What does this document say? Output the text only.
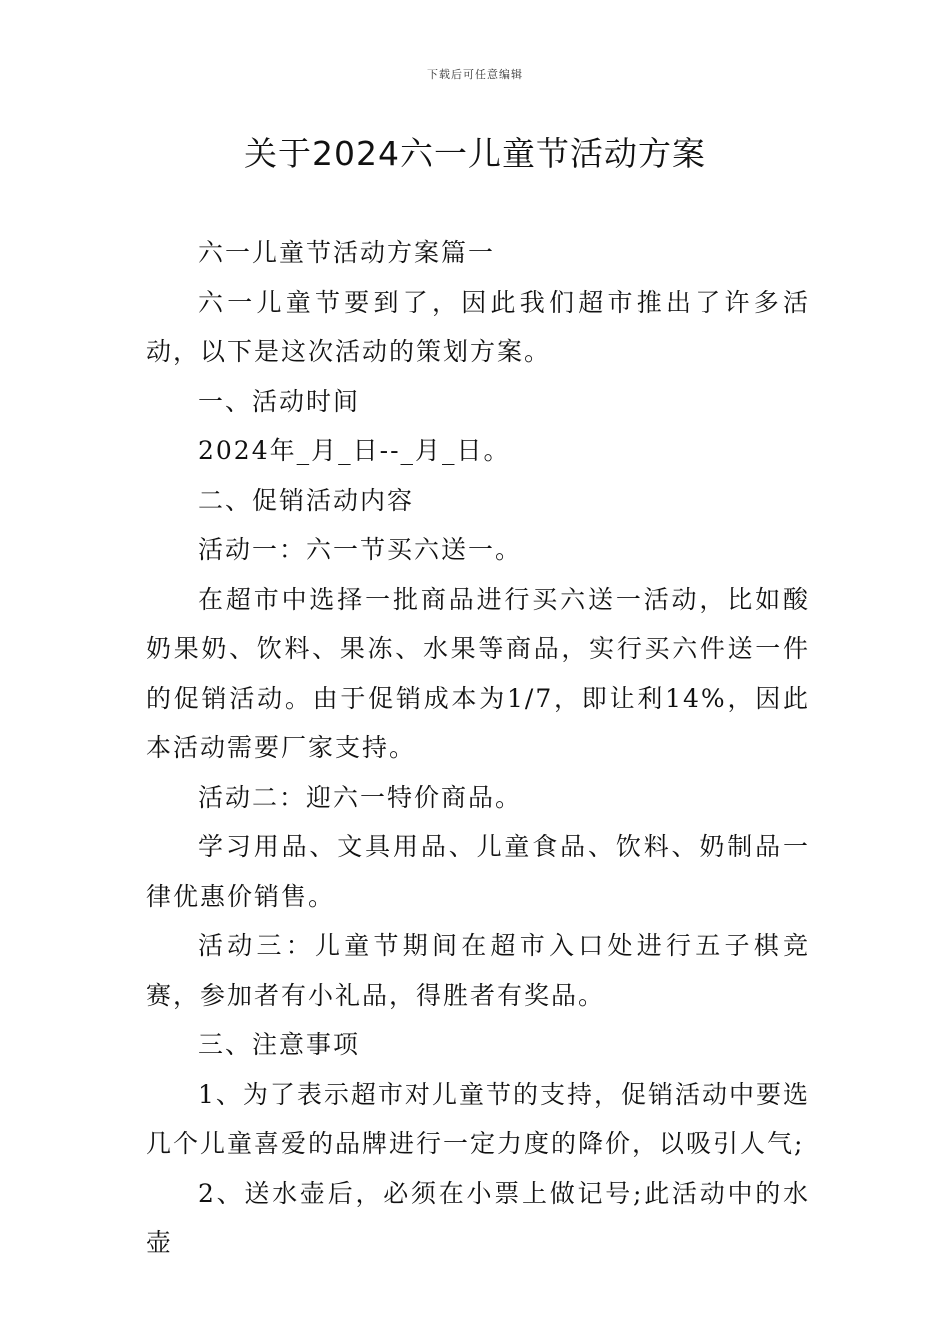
下载后可任意编辑
关于2024六一儿童节活动方案

六一儿童节活动方案篇一

六一儿童节要到了，因此我们超市推出了许多活动，以下是这次活动的策划方案。

一、活动时间

2024年_月_日--_月_日。

二、促销活动内容

活动一：六一节买六送一。

在超市中选择一批商品进行买六送一活动，比如酸奶果奶、饮料、果冻、水果等商品，实行买六件送一件的促销活动。由于促销成本为1/7，即让利14%，因此本活动需要厂家支持。

活动二：迎六一特价商品。

学习用品、文具用品、儿童食品、饮料、奶制品一律优惠价销售。

活动三：儿童节期间在超市入口处进行五子棋竞赛，参加者有小礼品，得胜者有奖品。

三、注意事项

1、为了表示超市对儿童节的支持，促销活动中要选几个儿童喜爱的品牌进行一定力度的降价，以吸引人气;

2、送水壶后，必须在小票上做记号;此活动中的水壶
